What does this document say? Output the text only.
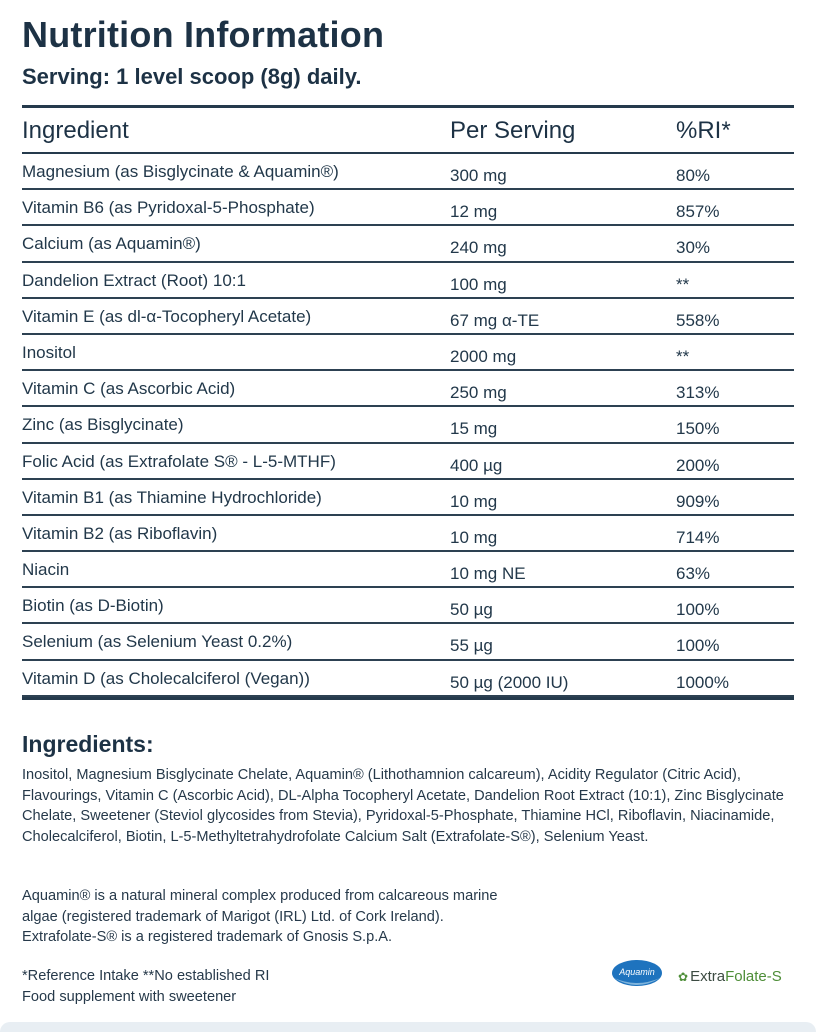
Nutrition Information
Serving: 1 level scoop (8g) daily.
Ingredient	Per Serving	%RI*
Magnesium (as Bisglycinate & Aquamin®)	300 mg	80%
Vitamin B6 (as Pyridoxal-5-Phosphate)	12 mg	857%
Calcium (as Aquamin®)	240 mg	30%
Dandelion Extract (Root) 10:1	100 mg	**
Vitamin E (as dl-α-Tocopheryl Acetate)	67 mg α-TE	558%
Inositol	2000 mg	**
Vitamin C (as Ascorbic Acid)	250 mg	313%
Zinc (as Bisglycinate)	15 mg	150%
Folic Acid (as Extrafolate S® - L-5-MTHF)	400 µg	200%
Vitamin B1 (as Thiamine Hydrochloride)	10 mg	909%
Vitamin B2 (as Riboflavin)	10 mg	714%
Niacin	10 mg NE	63%
Biotin (as D-Biotin)	50 µg	100%
Selenium (as Selenium Yeast 0.2%)	55 µg	100%
Vitamin D (as Cholecalciferol (Vegan))	50 µg (2000 IU)	1000%
Ingredients:
Inositol, Magnesium Bisglycinate Chelate, Aquamin® (Lithothamnion calcareum), Acidity Regulator (Citric Acid), Flavourings, Vitamin C (Ascorbic Acid), DL-Alpha Tocopheryl Acetate, Dandelion Root Extract (10:1), Zinc Bisglycinate Chelate, Sweetener (Steviol glycosides from Stevia), Pyridoxal-5-Phosphate, Thiamine HCl, Riboflavin, Niacinamide, Cholecalciferol, Biotin, L-5-Methyltetrahydrofolate Calcium Salt (Extrafolate-S®), Selenium Yeast.
Aquamin® is a natural mineral complex produced from calcareous marine
algae (registered trademark of Marigot (IRL) Ltd. of Cork Ireland).
Extrafolate-S® is a registered trademark of Gnosis S.p.A.
*Reference Intake **No established RI
Food supplement with sweetener
Aquamin ✿ ExtraFolate-S
